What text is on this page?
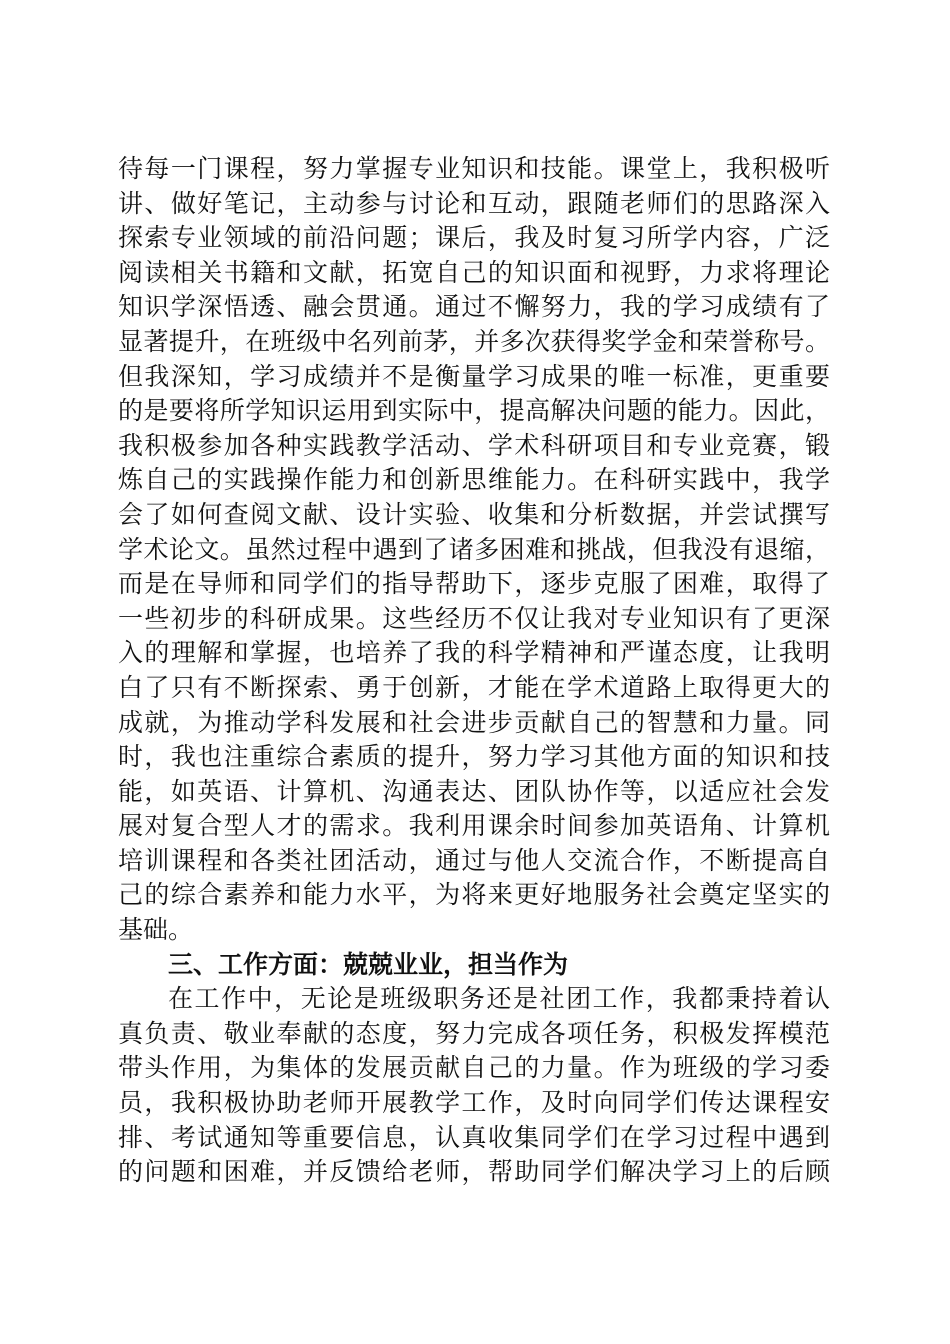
待每一门课程，努力掌握专业知识和技能。课堂上，我积极听
讲、做好笔记，主动参与讨论和互动，跟随老师们的思路深入
探索专业领域的前沿问题；课后，我及时复习所学内容，广泛
阅读相关书籍和文献，拓宽自己的知识面和视野，力求将理论
知识学深悟透、融会贯通。通过不懈努力，我的学习成绩有了
显著提升，在班级中名列前茅，并多次获得奖学金和荣誉称号。
但我深知，学习成绩并不是衡量学习成果的唯一标准，更重要
的是要将所学知识运用到实际中，提高解决问题的能力。因此，
我积极参加各种实践教学活动、学术科研项目和专业竞赛，锻
炼自己的实践操作能力和创新思维能力。在科研实践中，我学
会了如何查阅文献、设计实验、收集和分析数据，并尝试撰写
学术论文。虽然过程中遇到了诸多困难和挑战，但我没有退缩，
而是在导师和同学们的指导帮助下，逐步克服了困难，取得了
一些初步的科研成果。这些经历不仅让我对专业知识有了更深
入的理解和掌握，也培养了我的科学精神和严谨态度，让我明
白了只有不断探索、勇于创新，才能在学术道路上取得更大的
成就，为推动学科发展和社会进步贡献自己的智慧和力量。同
时，我也注重综合素质的提升，努力学习其他方面的知识和技
能，如英语、计算机、沟通表达、团队协作等，以适应社会发
展对复合型人才的需求。我利用课余时间参加英语角、计算机
培训课程和各类社团活动，通过与他人交流合作，不断提高自
己的综合素养和能力水平，为将来更好地服务社会奠定坚实的
基础。
三、工作方面：兢兢业业，担当作为
在工作中，无论是班级职务还是社团工作，我都秉持着认
真负责、敬业奉献的态度，努力完成各项任务，积极发挥模范
带头作用，为集体的发展贡献自己的力量。作为班级的学习委
员，我积极协助老师开展教学工作，及时向同学们传达课程安
排、考试通知等重要信息，认真收集同学们在学习过程中遇到
的问题和困难，并反馈给老师，帮助同学们解决学习上的后顾
